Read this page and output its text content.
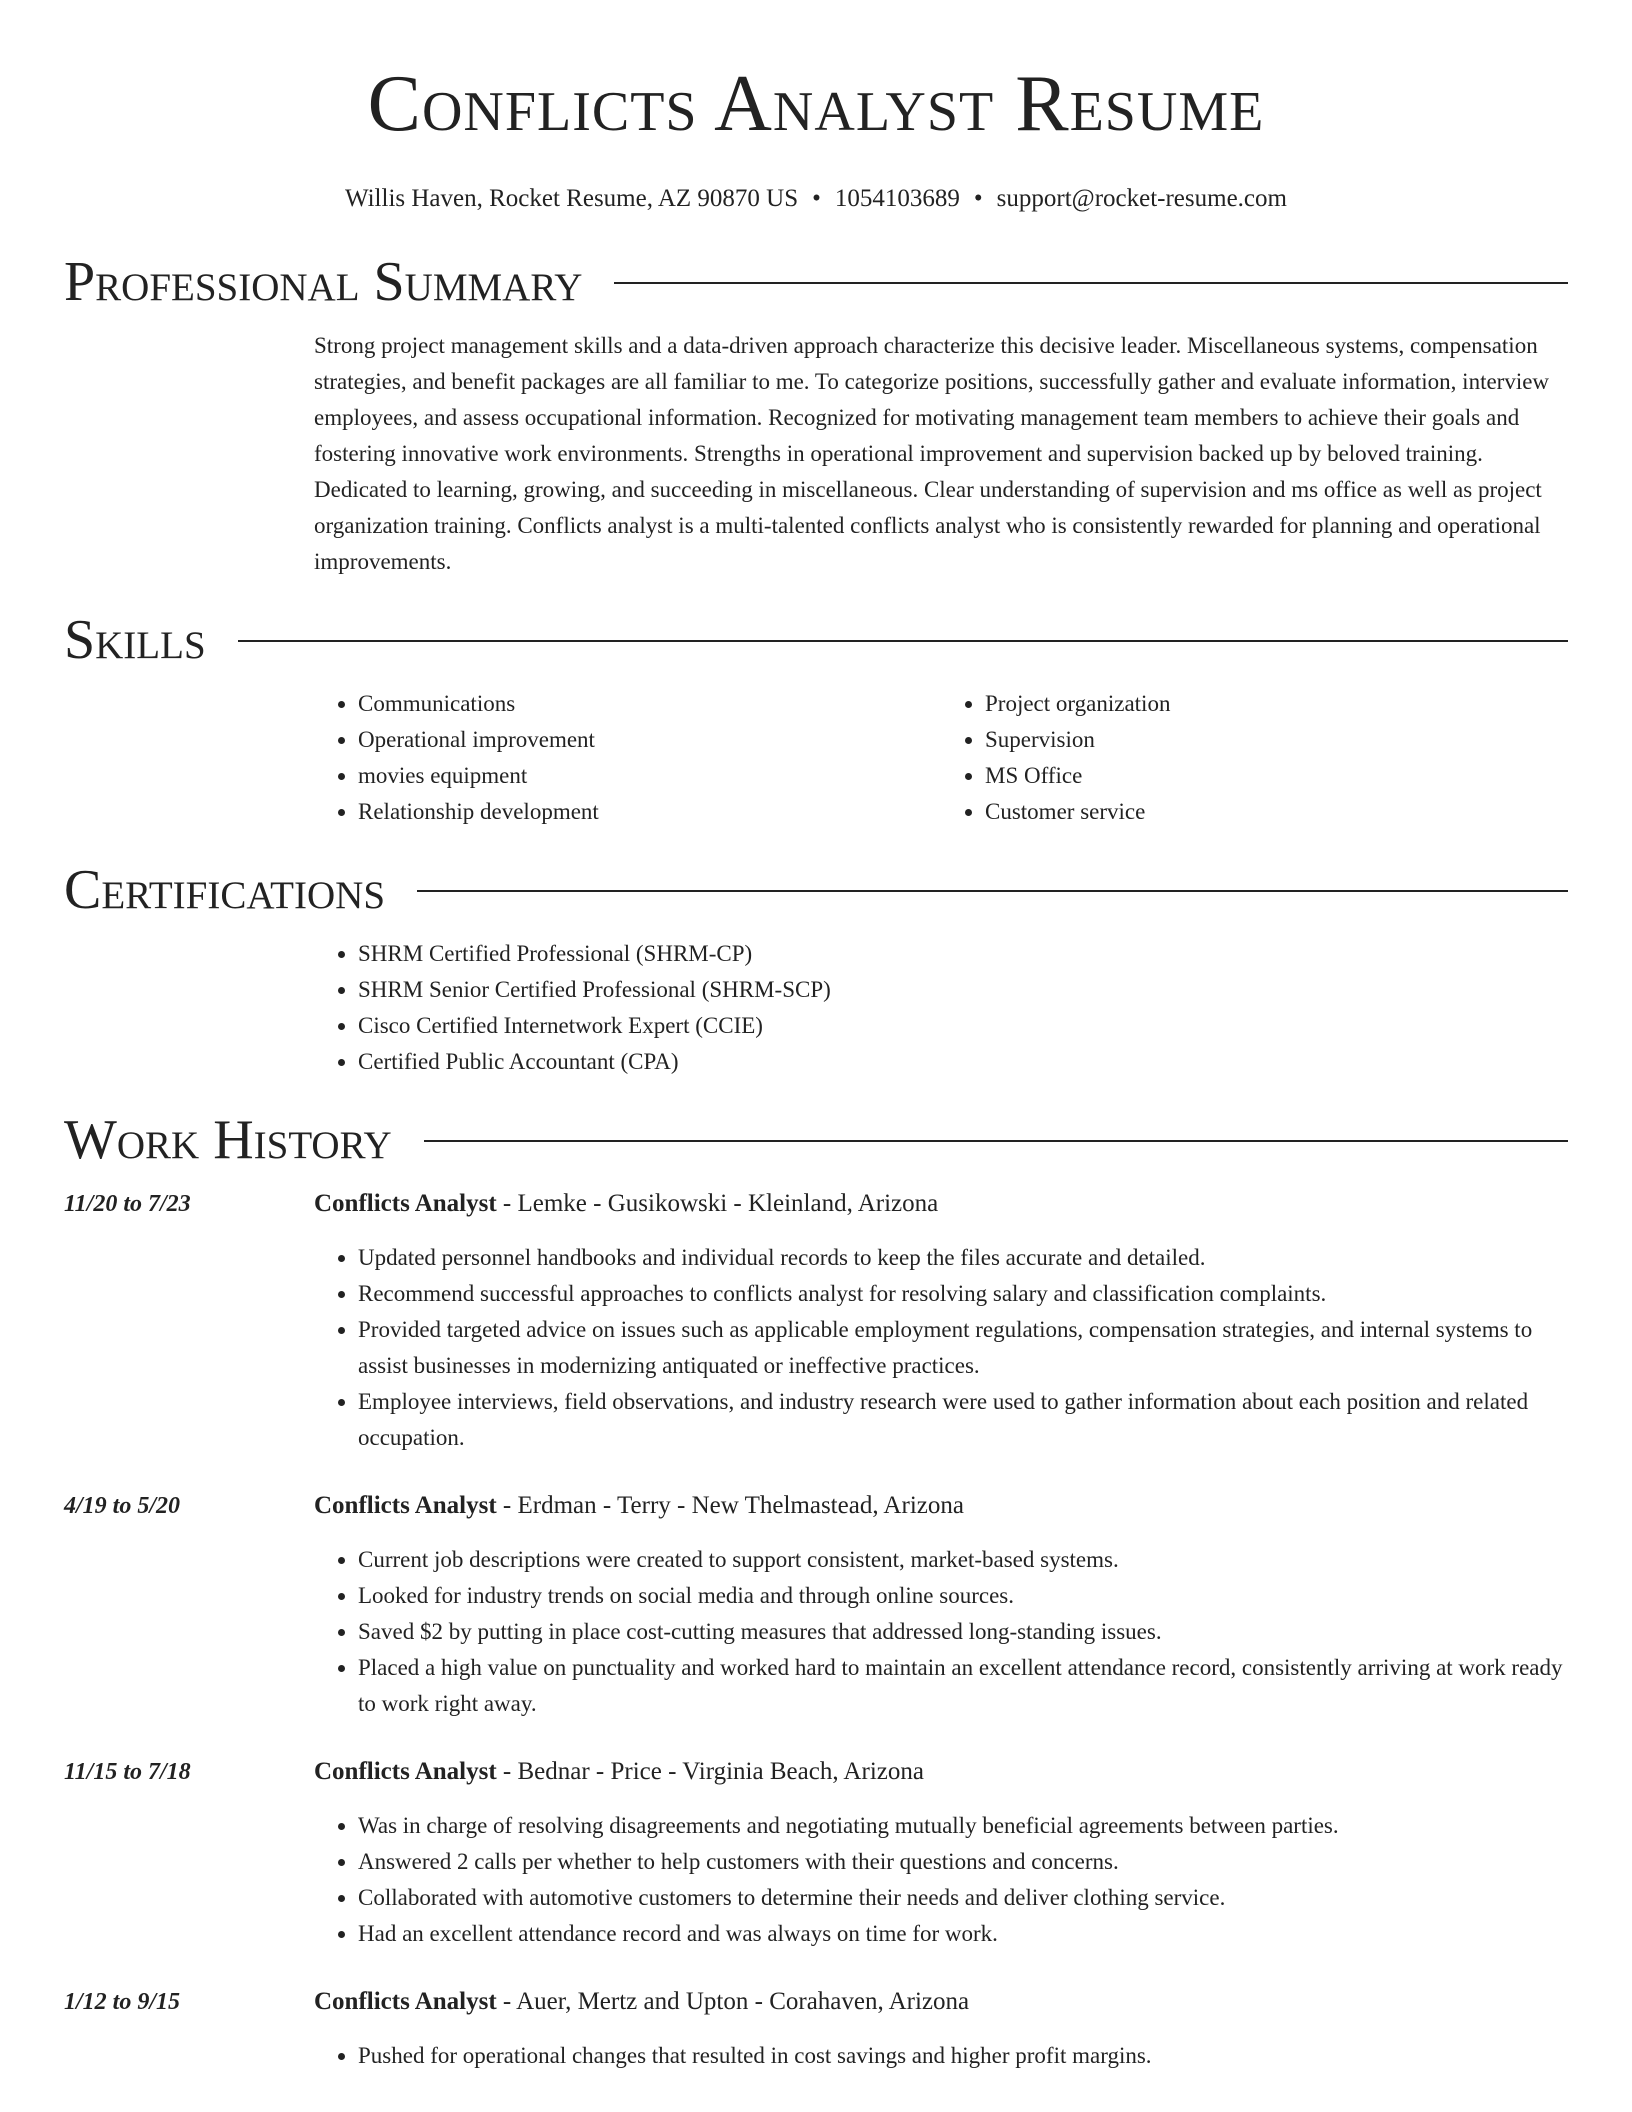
Conflicts Analyst Resume
Willis Haven, Rocket Resume, AZ 90870 US • 1054103689 • support@rocket-resume.com
Professional Summary
Strong project management skills and a data-driven approach characterize this decisive leader. Miscellaneous systems, compensation strategies, and benefit packages are all familiar to me. To categorize positions, successfully gather and evaluate information, interview employees, and assess occupational information. Recognized for motivating management team members to achieve their goals and fostering innovative work environments. Strengths in operational improvement and supervision backed up by beloved training. Dedicated to learning, growing, and succeeding in miscellaneous. Clear understanding of supervision and ms office as well as project organization training. Conflicts analyst is a multi-talented conflicts analyst who is consistently rewarded for planning and operational improvements.
Skills
• Communications
• Operational improvement
• movies equipment
• Relationship development
• Project organization
• Supervision
• MS Office
• Customer service
Certifications
• SHRM Certified Professional (SHRM-CP)
• SHRM Senior Certified Professional (SHRM-SCP)
• Cisco Certified Internetwork Expert (CCIE)
• Certified Public Accountant (CPA)
Work History
11/20 to 7/23	Conflicts Analyst - Lemke - Gusikowski - Kleinland, Arizona
• Updated personnel handbooks and individual records to keep the files accurate and detailed.
• Recommend successful approaches to conflicts analyst for resolving salary and classification complaints.
• Provided targeted advice on issues such as applicable employment regulations, compensation strategies, and internal systems to assist businesses in modernizing antiquated or ineffective practices.
• Employee interviews, field observations, and industry research were used to gather information about each position and related occupation.
4/19 to 5/20	Conflicts Analyst - Erdman - Terry - New Thelmastead, Arizona
• Current job descriptions were created to support consistent, market-based systems.
• Looked for industry trends on social media and through online sources.
• Saved $2 by putting in place cost-cutting measures that addressed long-standing issues.
• Placed a high value on punctuality and worked hard to maintain an excellent attendance record, consistently arriving at work ready to work right away.
11/15 to 7/18	Conflicts Analyst - Bednar - Price - Virginia Beach, Arizona
• Was in charge of resolving disagreements and negotiating mutually beneficial agreements between parties.
• Answered 2 calls per whether to help customers with their questions and concerns.
• Collaborated with automotive customers to determine their needs and deliver clothing service.
• Had an excellent attendance record and was always on time for work.
1/12 to 9/15	Conflicts Analyst - Auer, Mertz and Upton - Corahaven, Arizona
• Pushed for operational changes that resulted in cost savings and higher profit margins.
